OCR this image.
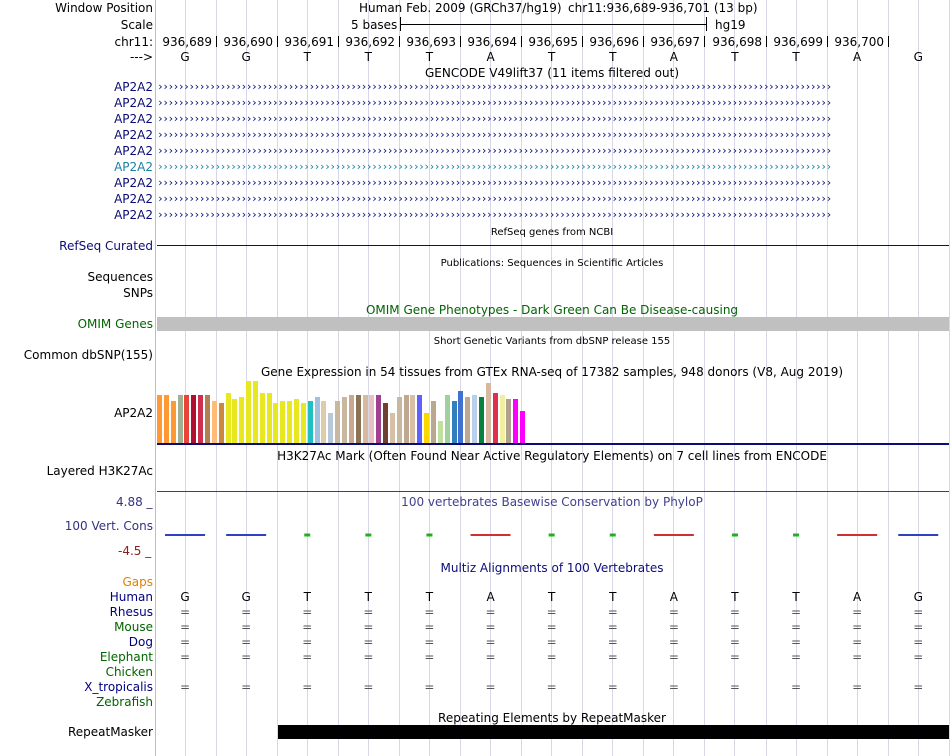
Window Position	Human Feb. 2009 (GRCh37/hg19) chr11:936,689-936,701 (13 bp)
Scale	5 bases	hg19
chr11: 936,689 936,690 936,691 936,692 936,693 936,694 936,695 936,696 936,697	936,698 936,699 936,700
---> G	G	T	T	T	A	T	T	A	T	T	A	G
GENCODE V49lift37 (11 items filtered out)
AP2A2 ›››››››››››››››››››››››››››››››››››››››››››››››››››››››››››››››››››››››››››››››››››››››››››››››››››››››››››››››››››››››››››››››››
AP2A2 ›››››››››››››››››››››››››››››››››››››››››››››››››››››››››››››››››››››››››››››››››››››››››››››››››››››››››››››››››››››››››››››››››
AP2A2 ›››››››››››››››››››››››››››››››››››››››››››››››››››››››››››››››››››››››››››››››››››››››››››››››››››››››››››››››››››››››››››››››››
AP2A2 ›››››››››››››››››››››››››››››››››››››››››››››››››››››››››››››››››››››››››››››››››››››››››››››››››››››››››››››››››››››››››››››››››
AP2A2 ›››››››››››››››››››››››››››››››››››››››››››››››››››››››››››››››››››››››››››››››››››››››››››››››››››››››››››››››››››››››››››››››››
AP2A2 ›››››››››››››››››››››››››››››››››››››››››››››››››››››››››››››››››››››››››››››››››››››››››››››››››››››››››››››››››››››››››››››››››
AP2A2 ›››››››››››››››››››››››››››››››››››››››››››››››››››››››››››››››››››››››››››››››››››››››››››››››››››››››››››››››››››››››››››››››››
AP2A2 ›››››››››››››››››››››››››››››››››››››››››››››››››››››››››››››››››››››››››››››››››››››››››››››››››››››››››››››››››››››››››››››››››
AP2A2 ›››››››››››››››››››››››››››››››››››››››››››››››››››››››››››››››››››››››››››››››››››››››››››››››››››››››››››››››››››››››››››››››››
RefSeq Curated
RefSeq genes from NCBI
Publications: Sequences in Scientific Articles
Sequences
SNPs
OMIM Gene Phenotypes - Dark Green Can Be Disease-causing
OMIM Genes
Short Genetic Variants from dbSNP release 155
Common dbSNP(155)
Gene Expression in 54 tissues from GTEx RNA-seq of 17382 samples, 948 donors (V8, Aug 2019)
AP2A2
H3K27Ac Mark (Often Found Near Active Regulatory Elements) on 7 cell lines from ENCODE
Layered H3K27Ac
4.88 _	100 vertebrates Basewise Conservation by PhyloP
100 Vert. Cons
-4.5 _
Multiz Alignments of 100 Vertebrates
Gaps
Human G	G	T	T	T	A	T	T	A	T	T	A	G
Rhesus =	=	=	=	=	=	=	=	=	=	=	=	=
Mouse =	=	=	=	=	=	=	=	=	=	=	=	=
Dog =	=	=	=	=	=	=	=	=	=	=	=	=
Elephant =	=	=	=	=	=	=	=	=	=	=	=	=
Chicken
X_tropicalis =	=	=	=	=	=	=	=	=	=	=	=	=
Zebrafish
Repeating Elements by RepeatMasker
RepeatMasker
